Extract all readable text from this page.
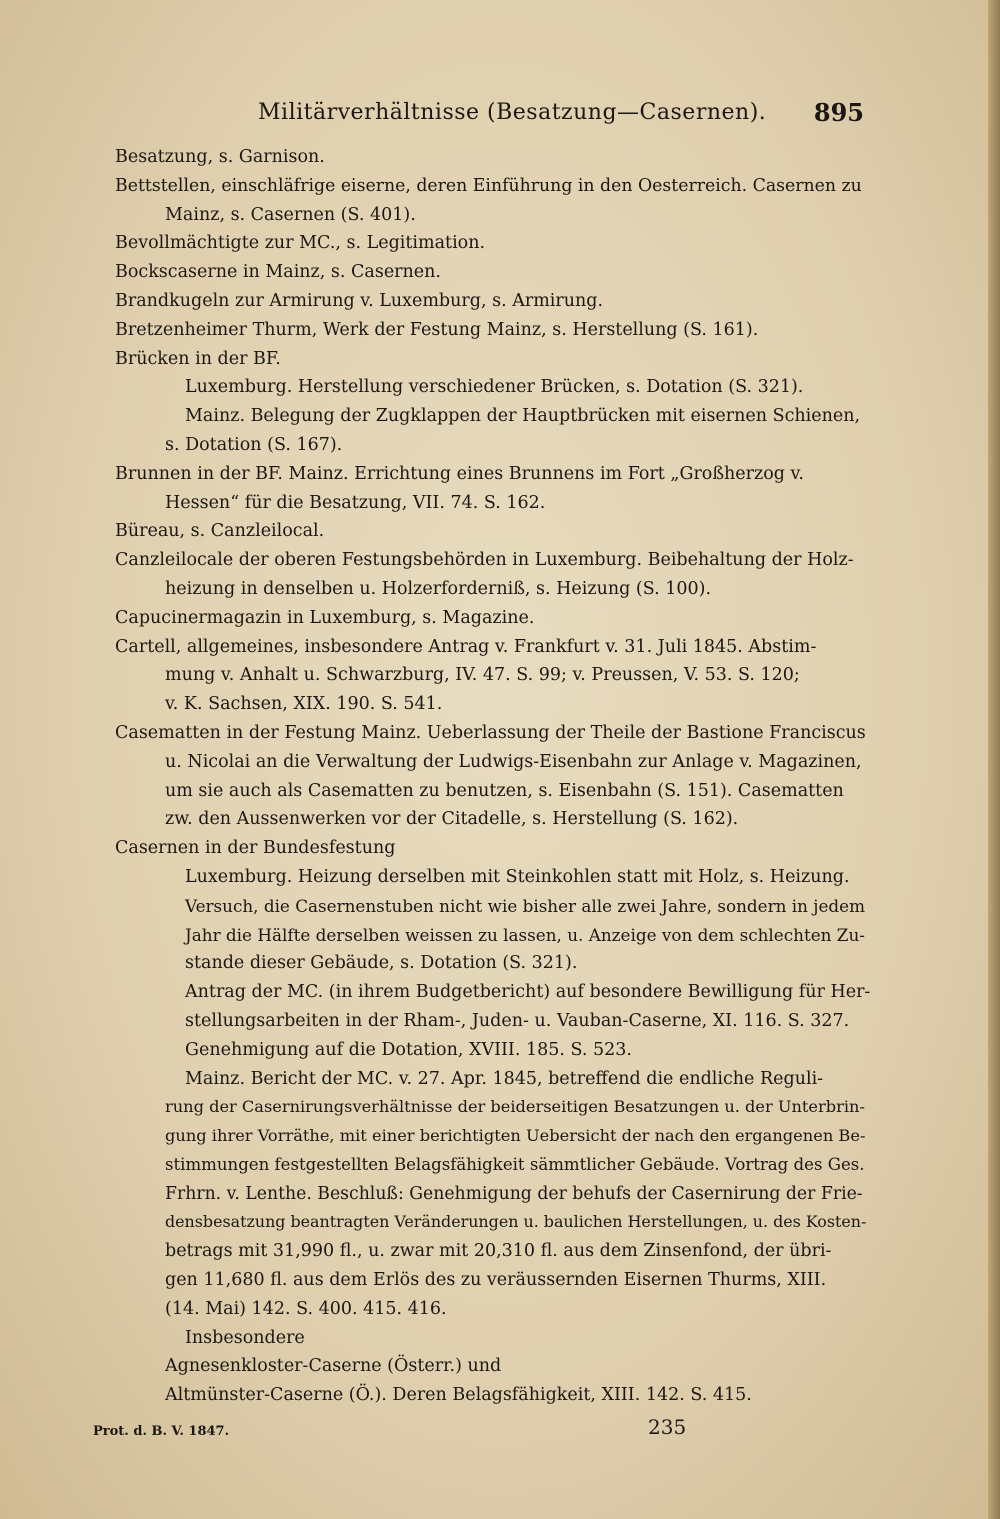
Militärverhältnisse (Besatzung—Casernen). 895
Besatzung, s. Garnison.
Bettstellen, einschläfrige eiserne, deren Einführung in den Oesterreich. Casernen zu
Mainz, s. Casernen (S. 401).
Bevollmächtigte zur MC., s. Legitimation.
Bockscaserne in Mainz, s. Casernen.
Brandkugeln zur Armirung v. Luxemburg, s. Armirung.
Bretzenheimer Thurm, Werk der Festung Mainz, s. Herstellung (S. 161).
Brücken in der BF.
Luxemburg. Herstellung verschiedener Brücken, s. Dotation (S. 321).
Mainz. Belegung der Zugklappen der Hauptbrücken mit eisernen Schienen,
s. Dotation (S. 167).
Brunnen in der BF. Mainz. Errichtung eines Brunnens im Fort „Großherzog v.
Hessen“ für die Besatzung, VII. 74. S. 162.
Büreau, s. Canzleilocal.
Canzleilocale der oberen Festungsbehörden in Luxemburg. Beibehaltung der Holz-
heizung in denselben u. Holzerforderniß, s. Heizung (S. 100).
Capucinermagazin in Luxemburg, s. Magazine.
Cartell, allgemeines, insbesondere Antrag v. Frankfurt v. 31. Juli 1845. Abstim-
mung v. Anhalt u. Schwarzburg, IV. 47. S. 99; v. Preussen, V. 53. S. 120;
v. K. Sachsen, XIX. 190. S. 541.
Casematten in der Festung Mainz. Ueberlassung der Theile der Bastione Franciscus
u. Nicolai an die Verwaltung der Ludwigs-Eisenbahn zur Anlage v. Magazinen,
um sie auch als Casematten zu benutzen, s. Eisenbahn (S. 151). Casematten
zw. den Aussenwerken vor der Citadelle, s. Herstellung (S. 162).
Casernen in der Bundesfestung
Luxemburg. Heizung derselben mit Steinkohlen statt mit Holz, s. Heizung.
Versuch, die Casernenstuben nicht wie bisher alle zwei Jahre, sondern in jedem
Jahr die Hälfte derselben weissen zu lassen, u. Anzeige von dem schlechten Zu-
stande dieser Gebäude, s. Dotation (S. 321).
Antrag der MC. (in ihrem Budgetbericht) auf besondere Bewilligung für Her-
stellungsarbeiten in der Rham-, Juden- u. Vauban-Caserne, XI. 116. S. 327.
Genehmigung auf die Dotation, XVIII. 185. S. 523.
Mainz. Bericht der MC. v. 27. Apr. 1845, betreffend die endliche Reguli-
rung der Casernirungsverhältnisse der beiderseitigen Besatzungen u. der Unterbrin-
gung ihrer Vorräthe, mit einer berichtigten Uebersicht der nach den ergangenen Be-
stimmungen festgestellten Belagsfähigkeit sämmtlicher Gebäude. Vortrag des Ges.
Frhrn. v. Lenthe. Beschluß: Genehmigung der behufs der Casernirung der Frie-
densbesatzung beantragten Veränderungen u. baulichen Herstellungen, u. des Kosten-
betrags mit 31,990 fl., u. zwar mit 20,310 fl. aus dem Zinsenfond, der übri-
gen 11,680 fl. aus dem Erlös des zu veräussernden Eisernen Thurms, XIII.
(14. Mai) 142. S. 400. 415. 416.
Insbesondere
Agnesenkloster-Caserne (Österr.) und
Altmünster-Caserne (Ö.). Deren Belagsfähigkeit, XIII. 142. S. 415.
Prot. d. B. V. 1847.	235
